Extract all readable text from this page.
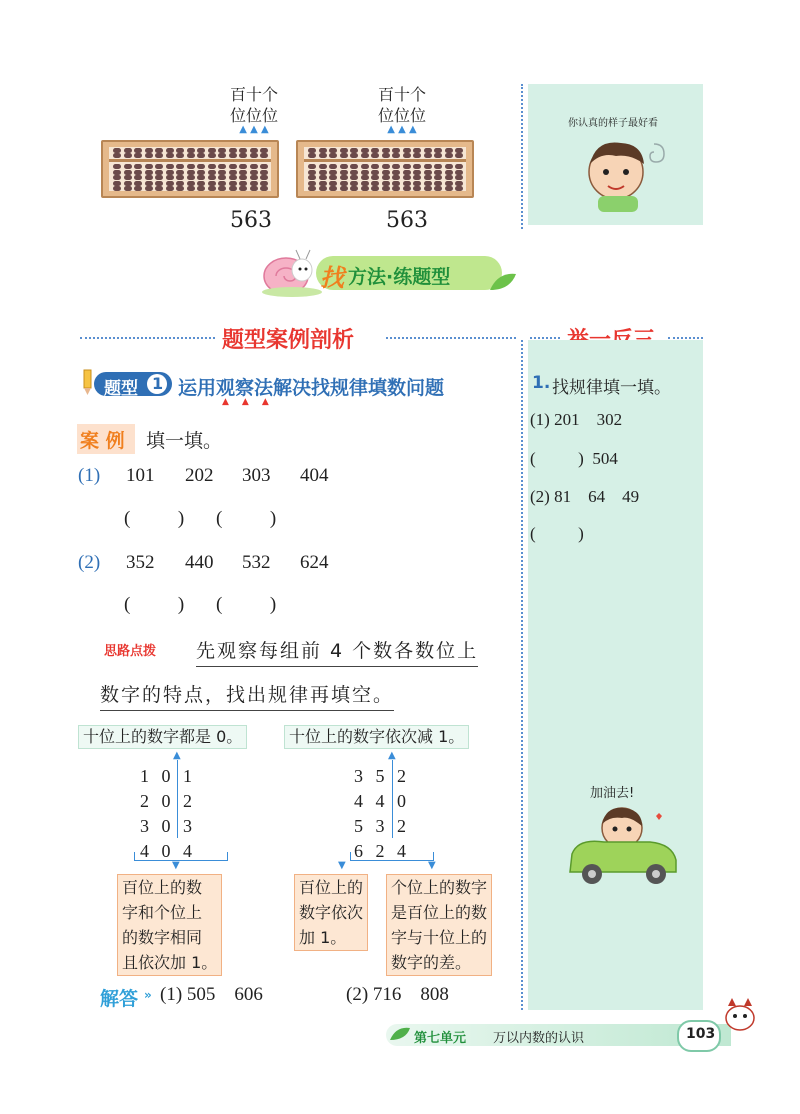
百十个
位位位
▲ ▲ ▲
百十个
位位位
▲ ▲ ▲
563	563
你认真的样子最好看
找 方法·练题型
题型案例剖析
题型 1 运用观察法解决找规律填数问题
▲▲▲
案 例 填一填。
(1) 101 202 303 404
(          ) (          )
(2) 352 440 532 624
(          ) (          )
思路点拨 先观察每组前 4 个数各数位上
数字的特点，找出规律再填空。
十位上的数字都是 0。	十位上的数字依次减 1。
▲	▲
1 0 1
2 0 2
3 0 3
4 0 4
3 5 2
4 4 0
5 3 2
6 2 4
▼	▼	▼
百位上的数
字和个位上
的数字相同
且依次加 1。
百位上的
数字依次
加 1。
个位上的数字
是百位上的数
字与十位上的
数字的差。
解答 » (1) 505    606	(2) 716    808
1. 找规律填一填。
(1) 201    302
(          )  504
(2) 81    64    49
(          )
加油去!
第七单元 万以内数的认识	103
